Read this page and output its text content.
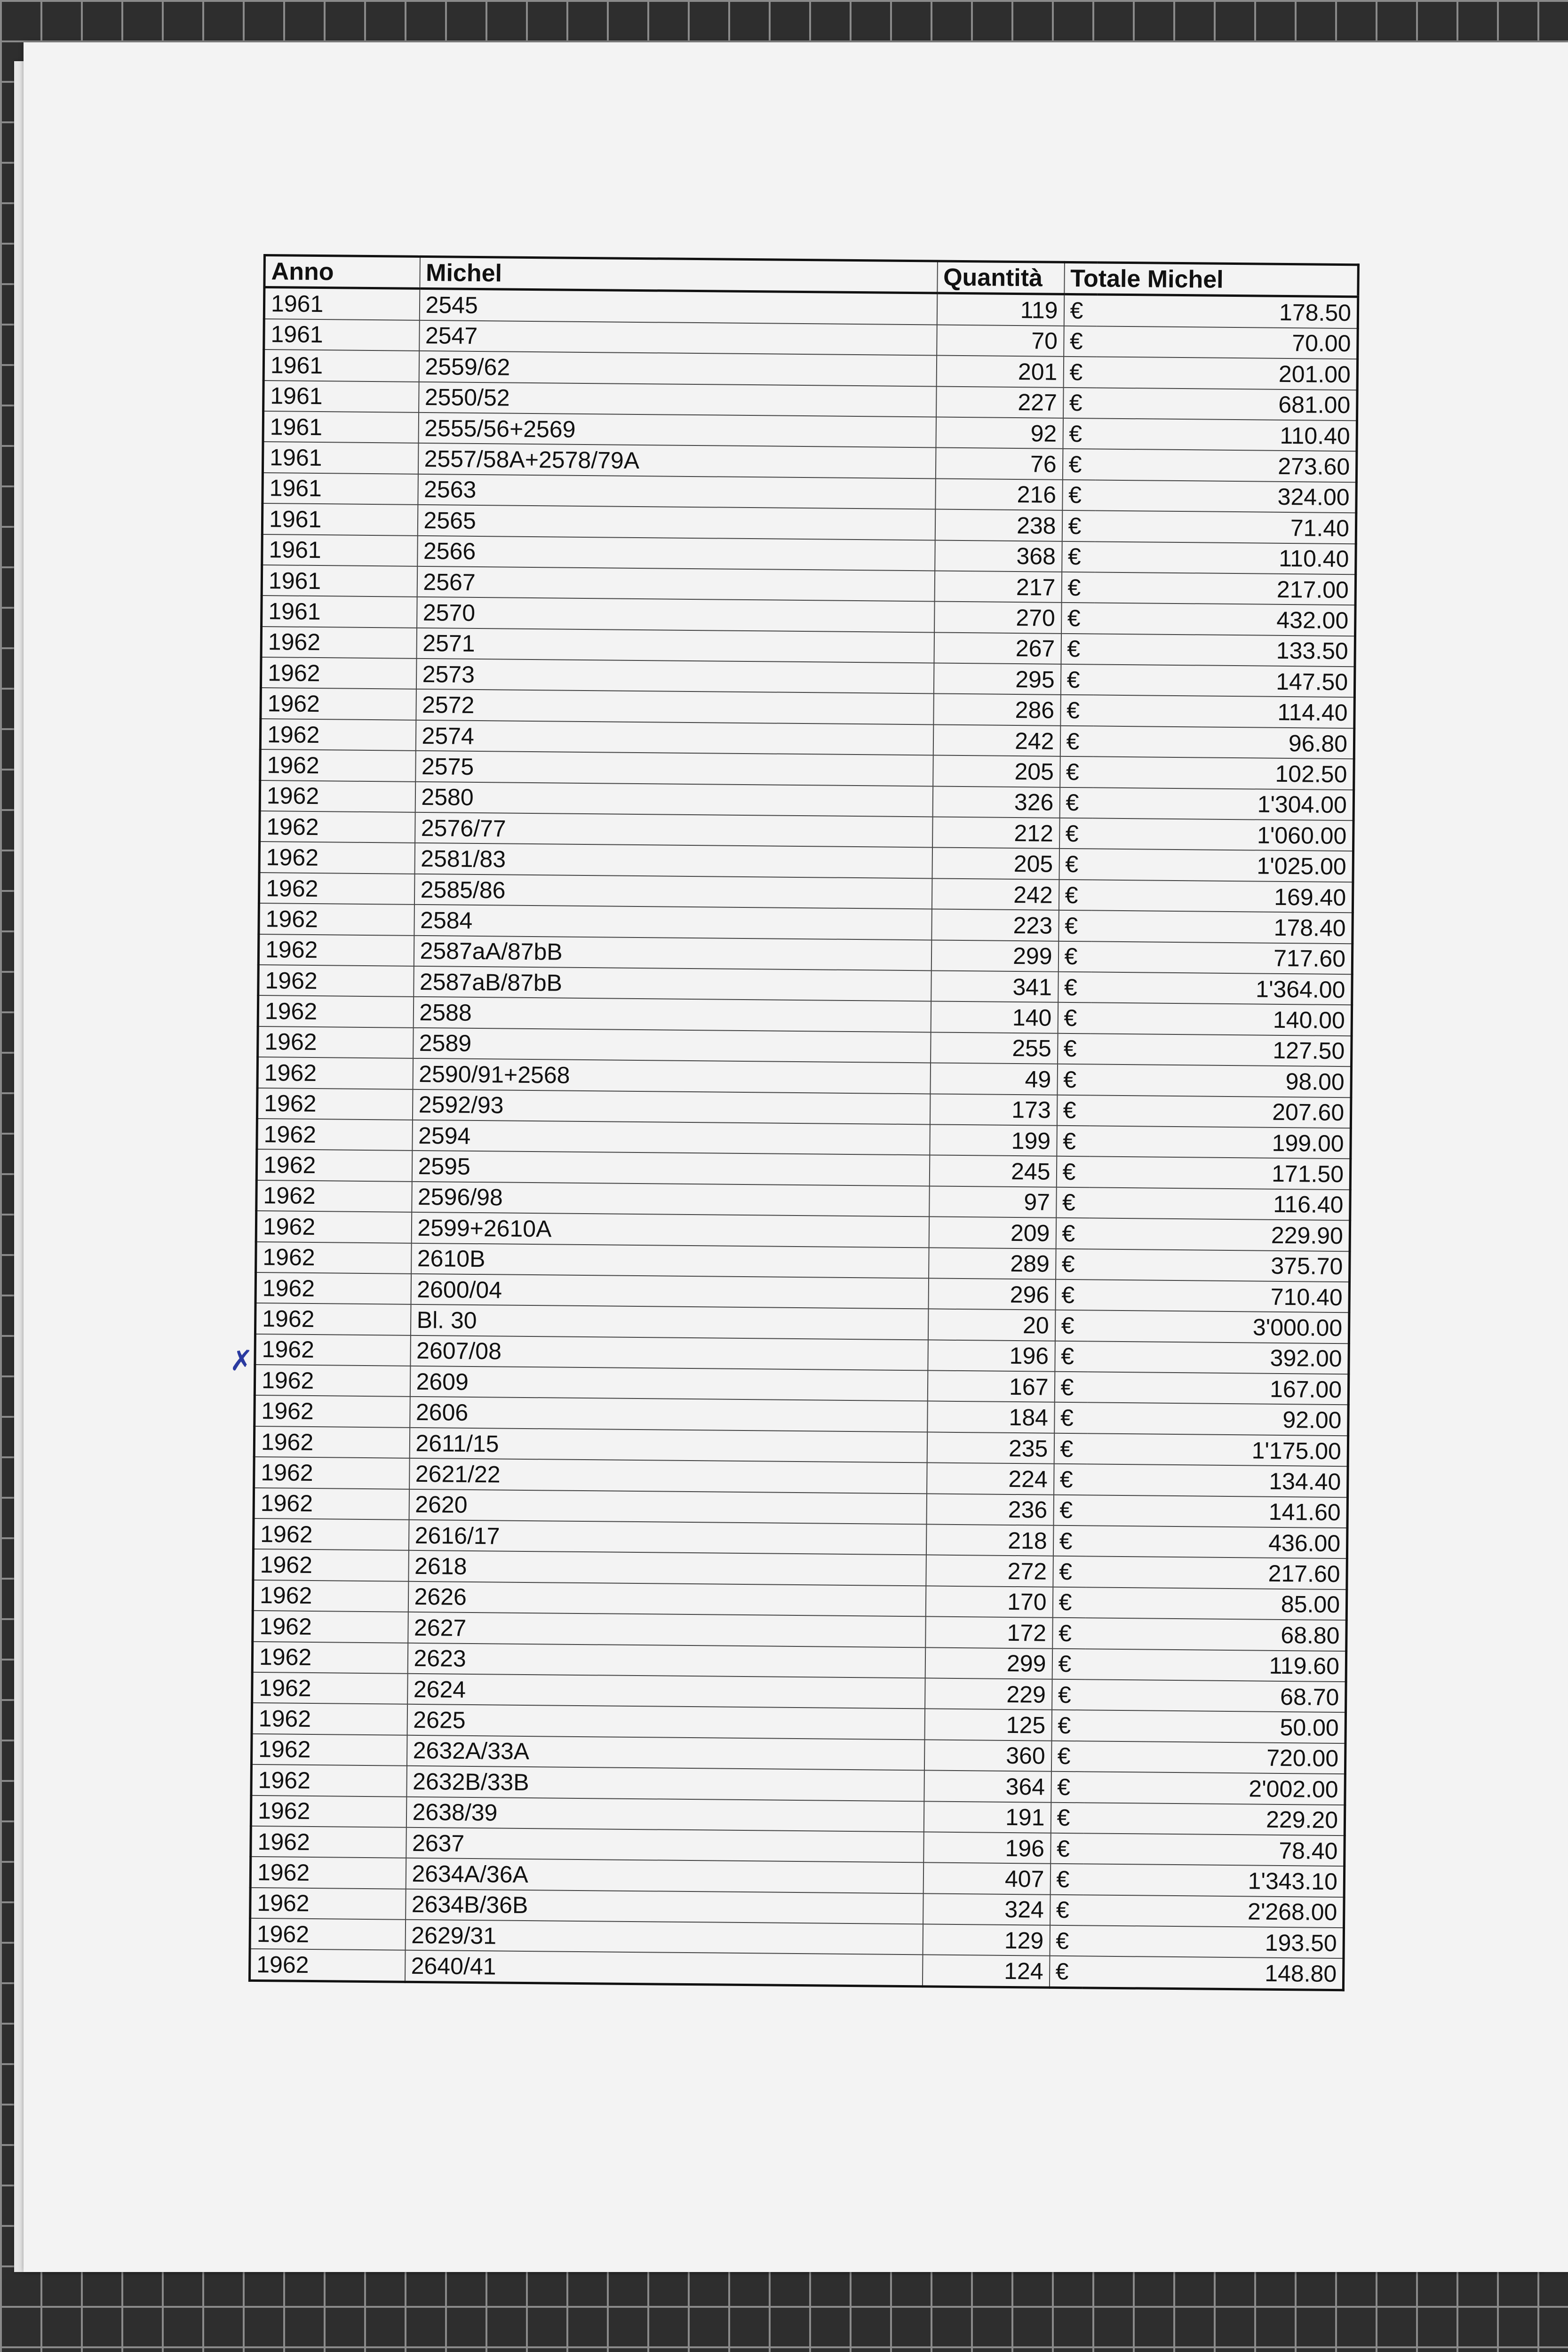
Anno	Michel	Quantità	Totale Michel	
1961	2545	119	€	178.50
1961	2547	70	€	70.00
1961	2559/62	201	€	201.00
1961	2550/52	227	€	681.00
1961	2555/56+2569	92	€	110.40
1961	2557/58A+2578/79A	76	€	273.60
1961	2563	216	€	324.00
1961	2565	238	€	71.40
1961	2566	368	€	110.40
1961	2567	217	€	217.00
1961	2570	270	€	432.00
1962	2571	267	€	133.50
1962	2573	295	€	147.50
1962	2572	286	€	114.40
1962	2574	242	€	96.80
1962	2575	205	€	102.50
1962	2580	326	€	1'304.00
1962	2576/77	212	€	1'060.00
1962	2581/83	205	€	1'025.00
1962	2585/86	242	€	169.40
1962	2584	223	€	178.40
1962	2587aA/87bB	299	€	717.60
1962	2587aB/87bB	341	€	1'364.00
1962	2588	140	€	140.00
1962	2589	255	€	127.50
1962	2590/91+2568	49	€	98.00
1962	2592/93	173	€	207.60
1962	2594	199	€	199.00
1962	2595	245	€	171.50
1962	2596/98	97	€	116.40
1962	2599+2610A	209	€	229.90
1962	2610B	289	€	375.70
1962	2600/04	296	€	710.40
1962	Bl. 30	20	€	3'000.00
1962	2607/08	196	€	392.00
1962	2609	167	€	167.00
1962	2606	184	€	92.00
1962	2611/15	235	€	1'175.00
1962	2621/22	224	€	134.40
1962	2620	236	€	141.60
1962	2616/17	218	€	436.00
1962	2618	272	€	217.60
1962	2626	170	€	85.00
1962	2627	172	€	68.80
1962	2623	299	€	119.60
1962	2624	229	€	68.70
1962	2625	125	€	50.00
1962	2632A/33A	360	€	720.00
1962	2632B/33B	364	€	2'002.00
1962	2638/39	191	€	229.20
1962	2637	196	€	78.40
1962	2634A/36A	407	€	1'343.10
1962	2634B/36B	324	€	2'268.00
1962	2629/31	129	€	193.50
1962	2640/41	124	€	148.80
✗
